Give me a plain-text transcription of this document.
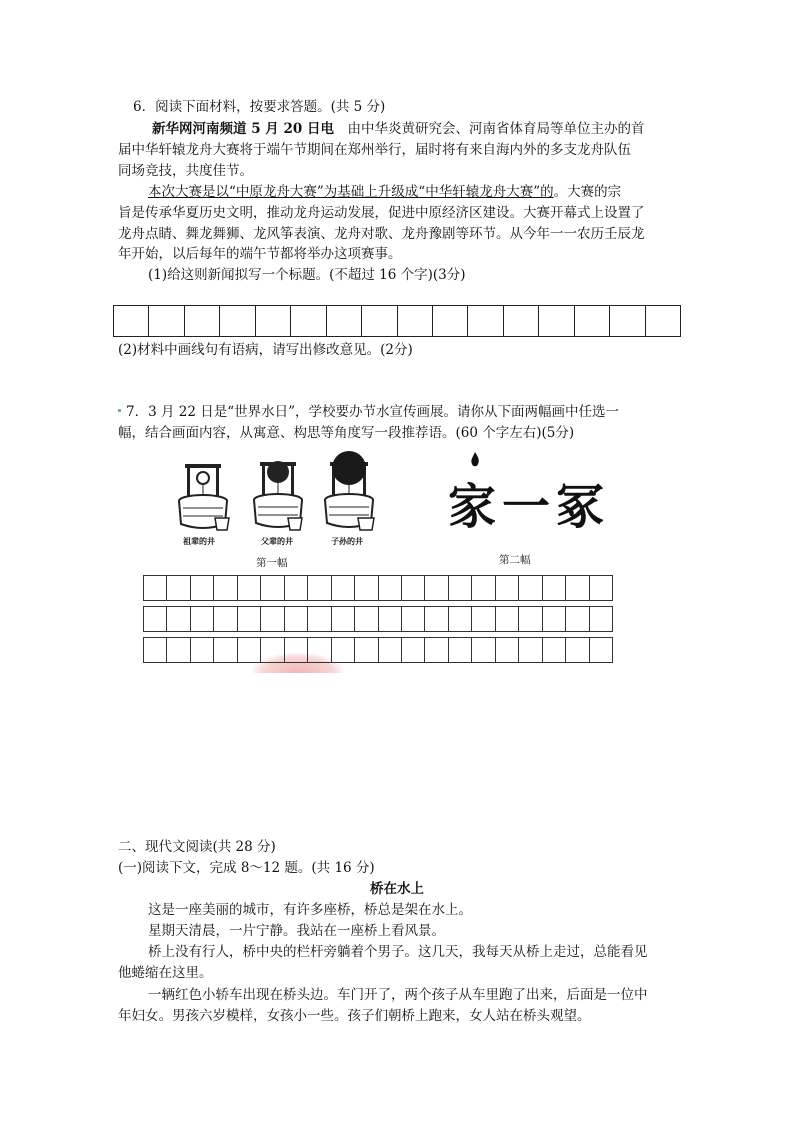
6．阅读下面材料，按要求答题。(共 5 分)
新华网河南频道 5 月 20 日电　由中华炎黄研究会、河南省体育局等单位主办的首
届中华轩辕龙舟大赛将于端午节期间在郑州举行，届时将有来自海内外的多支龙舟队伍
同场竞技，共度佳节。
本次大赛是以“中原龙舟大赛”为基础上升级成“中华轩辕龙舟大赛”的。大赛的宗
旨是传承华夏历史文明，推动龙舟运动发展，促进中原经济区建设。大赛开幕式上设置了
龙舟点睛、舞龙舞狮、龙风筝表演、龙舟对歌、龙舟豫剧等环节。从今年一一农历壬辰龙
年开始，以后每年的端午节都将举办这项赛事。
(1)给这则新闻拟写一个标题。(不超过 16 个字)(3分)
(2)材料中画线句有语病，请写出修改意见。(2分)
7．3 月 22 日是“世界水日”，学校要办节水宣传画展。请你从下面两幅画中任选一
幅，结合画面内容，从寓意、构思等角度写一段推荐语。(60 个字左右)(5分)
祖辈的井	父辈的井	子孙的井
家一冢
第一幅	第二幅
二、现代文阅读(共 28 分)
(一)阅读下文，完成 8～12 题。(共 16 分)
桥在水上
这是一座美丽的城市，有许多座桥，桥总是架在水上。
星期天清晨，一片宁静。我站在一座桥上看风景。
桥上没有行人，桥中央的栏杆旁躺着个男子。这几天，我每天从桥上走过，总能看见
他蜷缩在这里。
一辆红色小轿车出现在桥头边。车门开了，两个孩子从车里跑了出来，后面是一位中
年妇女。男孩六岁模样，女孩小一些。孩子们朝桥上跑来，女人站在桥头观望。
